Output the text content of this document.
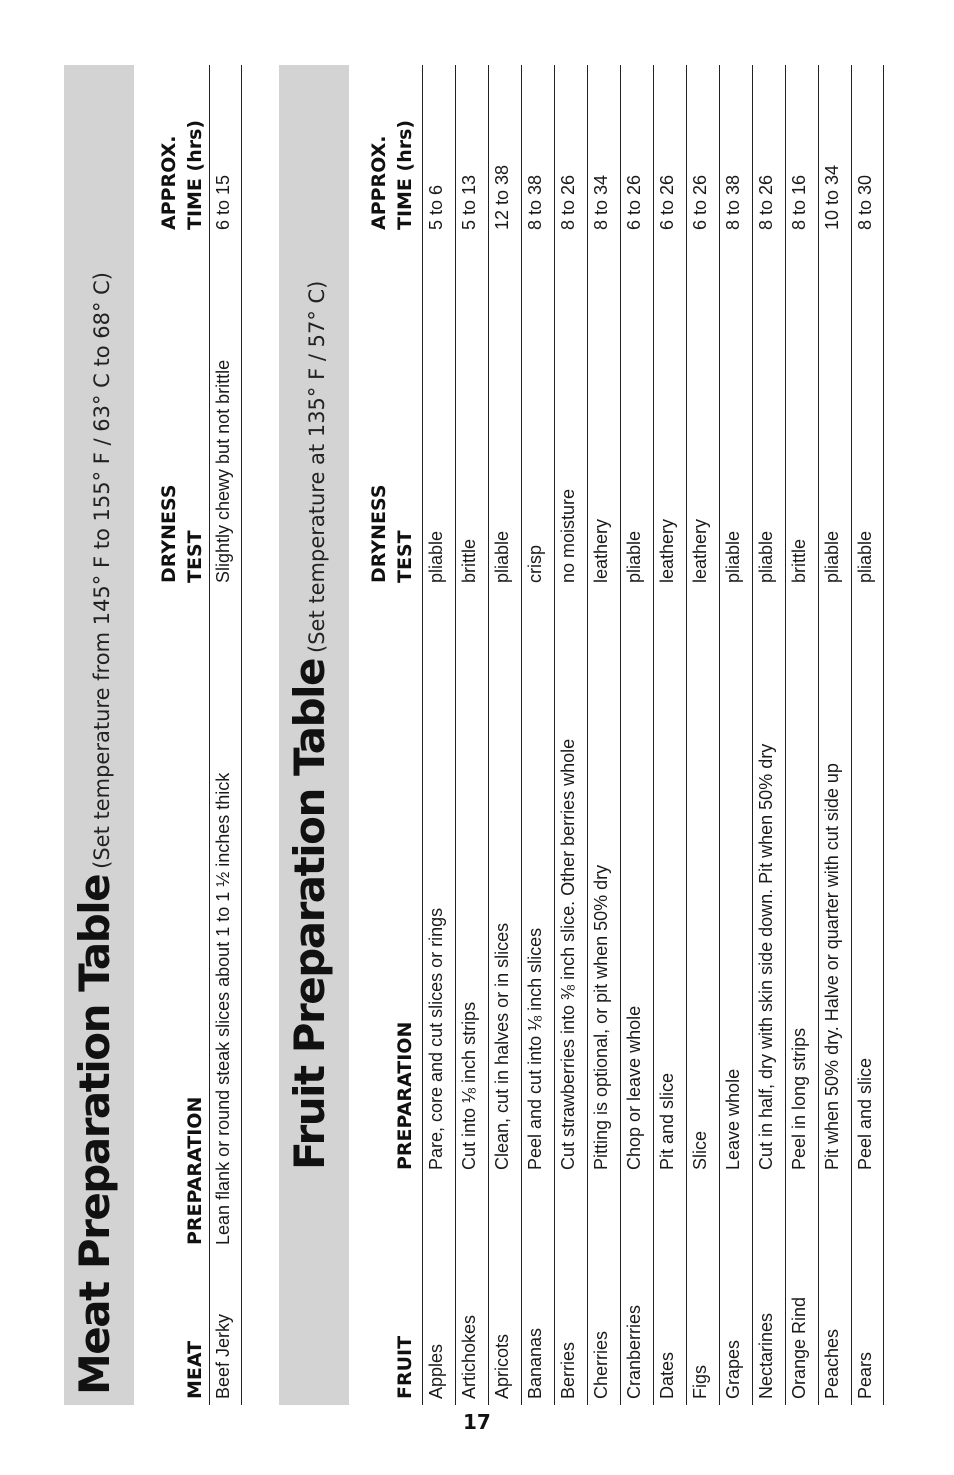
Meat Preparation Table(Set temperature from 145° F to 155° F / 63° C to 68° C)
MEAT
PREPARATION
DRYNESS TEST
APPROX. TIME (hrs)
Beef Jerky
Lean flank or round steak slices about 1 to 1 ½ inches thick
Slightly chewy but not brittle
6 to 15
Fruit Preparation Table(Set temperature at 135° F / 57° C)
FRUIT
PREPARATION
DRYNESS TEST
APPROX. TIME (hrs)
Apples
Pare, core and cut slices or rings
pliable
5 to 6
Artichokes
Cut into ⅛ inch strips
brittle
5 to 13
Apricots
Clean, cut in halves or in slices
pliable
12 to 38
Bananas
Peel and cut into ⅛ inch slices
crisp
8 to 38
Berries
Cut strawberries into ⅜ inch slice. Other berries whole
no moisture
8 to 26
Cherries
Pitting is optional, or pit when 50% dry
leathery
8 to 34
Cranberries
Chop or leave whole
pliable
6 to 26
Dates
Pit and slice
leathery
6 to 26
Figs
Slice
leathery
6 to 26
Grapes
Leave whole
pliable
8 to 38
Nectarines
Cut in half, dry with skin side down. Pit when 50% dry
pliable
8 to 26
Orange Rind
Peel in long strips
brittle
8 to 16
Peaches
Pit when 50% dry. Halve or quarter with cut side up
pliable
10 to 34
Pears
Peel and slice
pliable
8 to 30
17
